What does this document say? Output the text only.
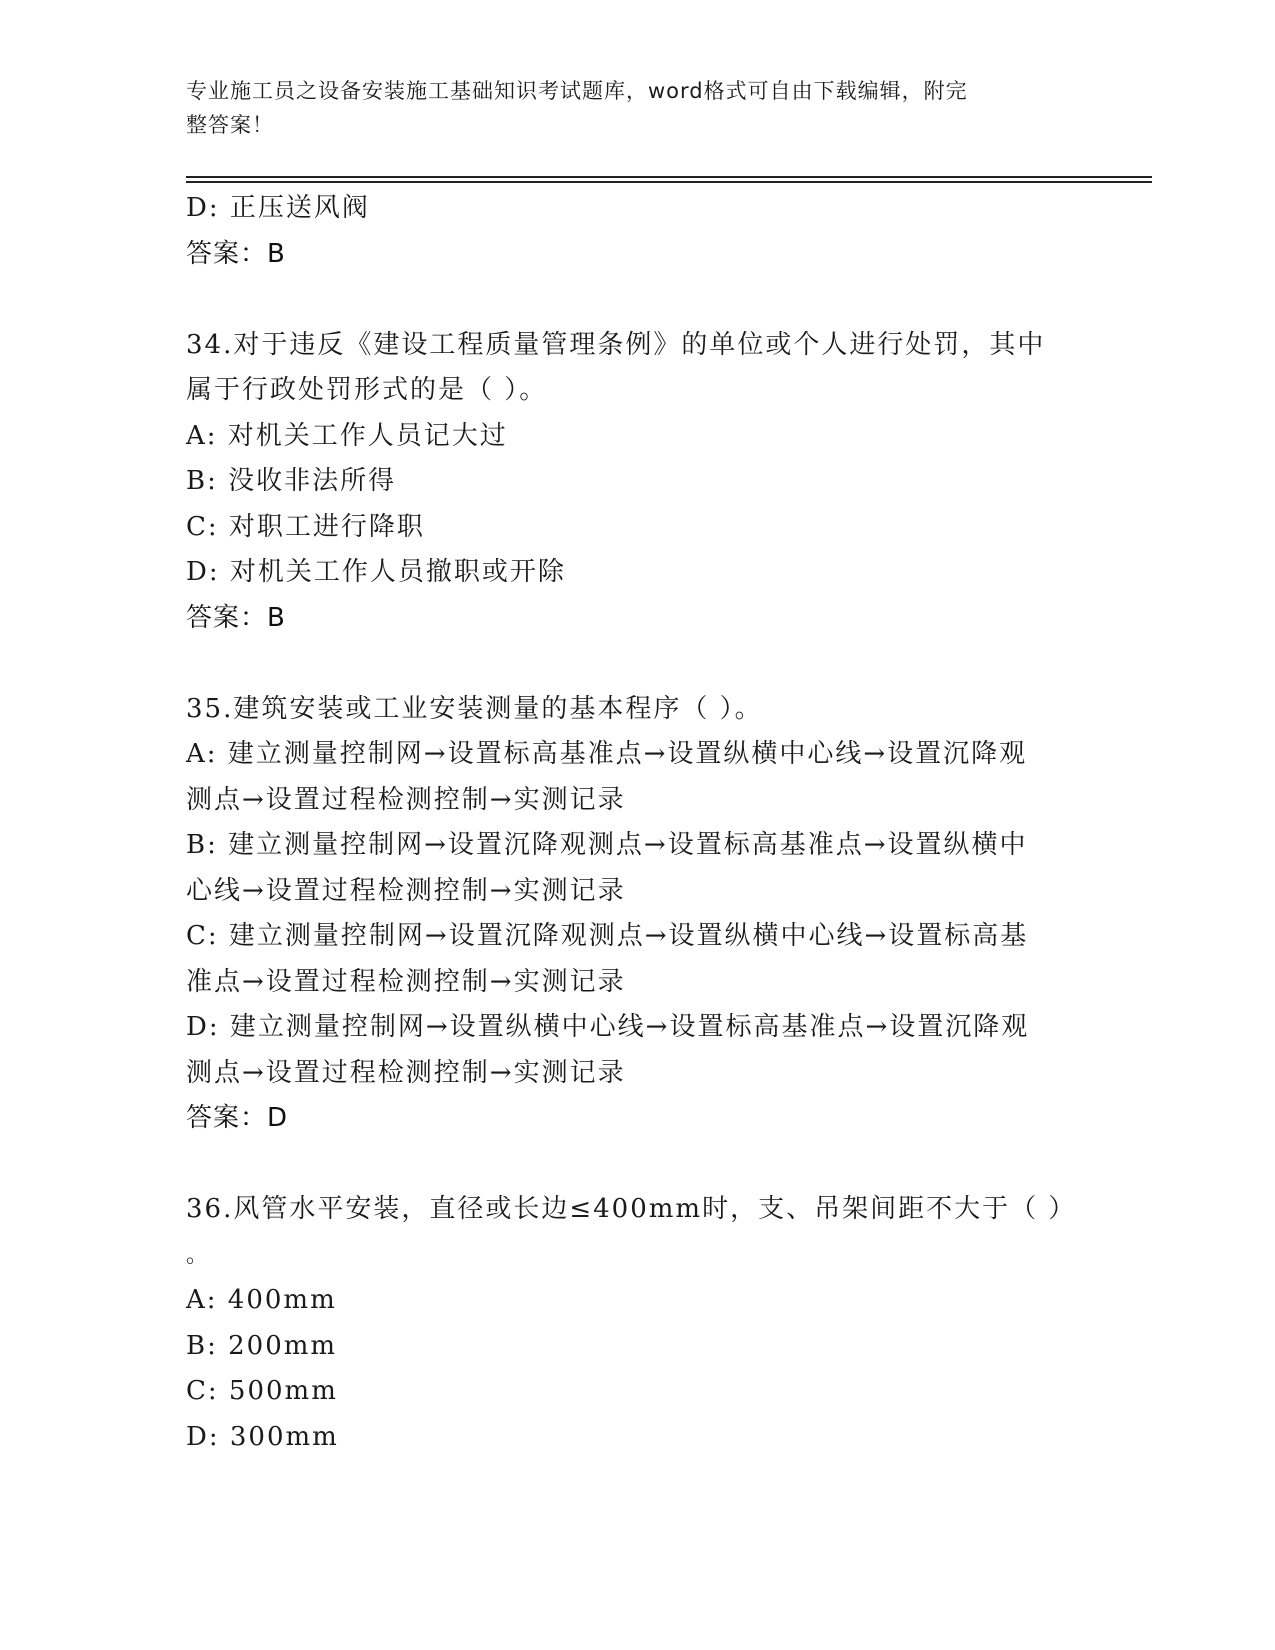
专业施工员之设备安装施工基础知识考试题库，word格式可自由下载编辑，附完
整答案！
D: 正压送风阀
答案：B
34.对于违反《建设工程质量管理条例》的单位或个人进行处罚，其中
属于行政处罚形式的是（ ）。
A: 对机关工作人员记大过
B: 没收非法所得
C: 对职工进行降职
D: 对机关工作人员撤职或开除
答案：B
35.建筑安装或工业安装测量的基本程序（ ）。
A: 建立测量控制网→设置标高基准点→设置纵横中心线→设置沉降观
测点→设置过程检测控制→实测记录
B: 建立测量控制网→设置沉降观测点→设置标高基准点→设置纵横中
心线→设置过程检测控制→实测记录
C: 建立测量控制网→设置沉降观测点→设置纵横中心线→设置标高基
准点→设置过程检测控制→实测记录
D: 建立测量控制网→设置纵横中心线→设置标高基准点→设置沉降观
测点→设置过程检测控制→实测记录
答案：D
36.风管水平安装，直径或长边≤400mm时，支、吊架间距不大于（ ）
。
A: 400mm
B: 200mm
C: 500mm
D: 300mm
